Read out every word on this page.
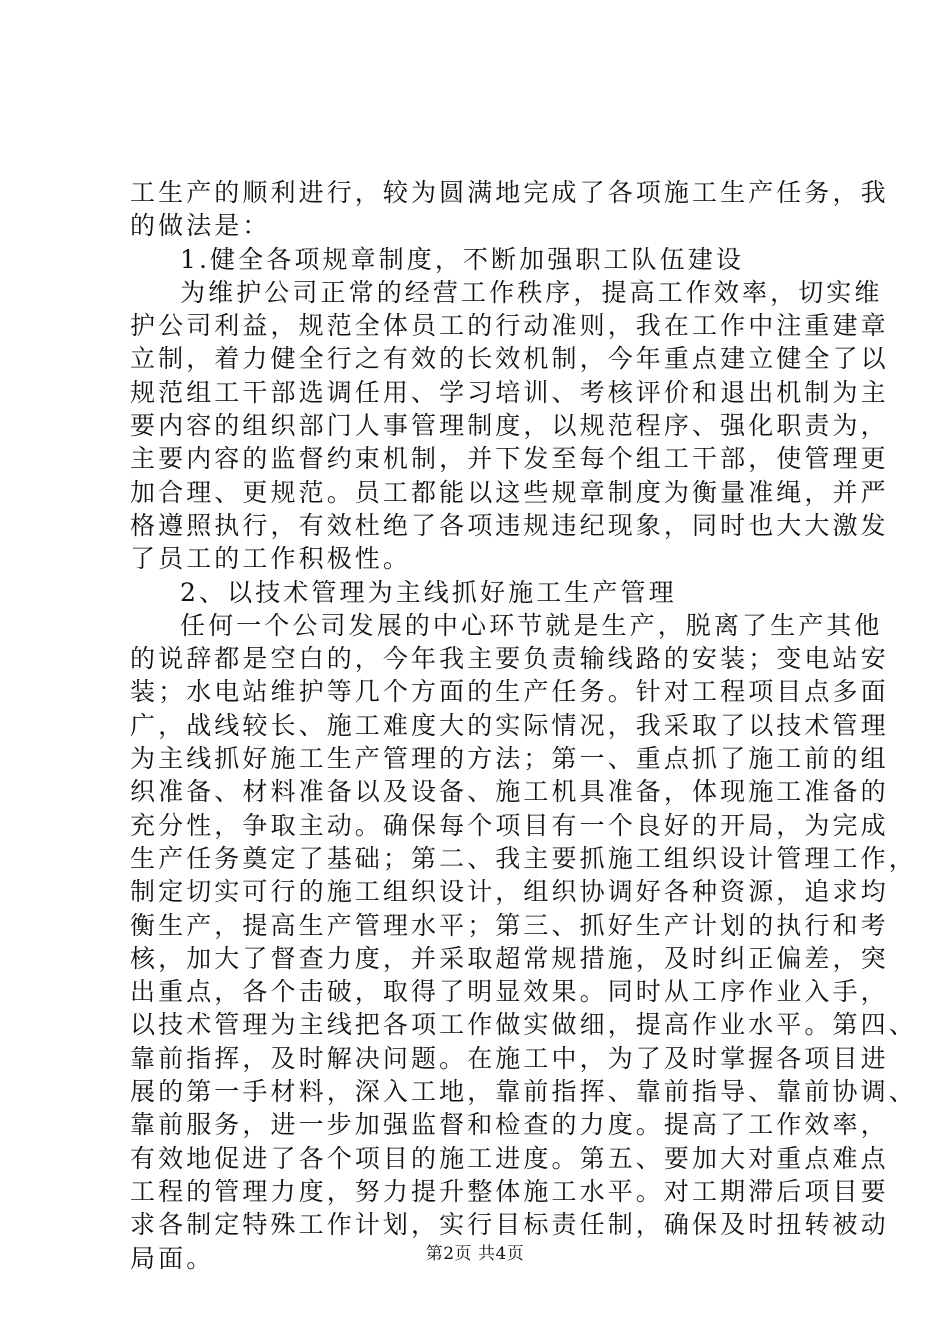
工生产的顺利进行，较为圆满地完成了各项施工生产任务，我
的做法是：
1.健全各项规章制度，不断加强职工队伍建设
为维护公司正常的经营工作秩序，提高工作效率，切实维
护公司利益，规范全体员工的行动准则，我在工作中注重建章
立制，着力健全行之有效的长效机制，今年重点建立健全了以
规范组工干部选调任用、学习培训、考核评价和退出机制为主
要内容的组织部门人事管理制度，以规范程序、强化职责为，
主要内容的监督约束机制，并下发至每个组工干部，使管理更
加合理、更规范。员工都能以这些规章制度为衡量准绳，并严
格遵照执行，有效杜绝了各项违规违纪现象，同时也大大激发
了员工的工作积极性。
2、以技术管理为主线抓好施工生产管理
任何一个公司发展的中心环节就是生产，脱离了生产其他
的说辞都是空白的，今年我主要负责输线路的安装；变电站安
装；水电站维护等几个方面的生产任务。针对工程项目点多面
广，战线较长、施工难度大的实际情况，我采取了以技术管理
为主线抓好施工生产管理的方法；第一、重点抓了施工前的组
织准备、材料准备以及设备、施工机具准备，体现施工准备的
充分性，争取主动。确保每个项目有一个良好的开局，为完成
生产任务奠定了基础；第二、我主要抓施工组织设计管理工作，
制定切实可行的施工组织设计，组织协调好各种资源，追求均
衡生产，提高生产管理水平；第三、抓好生产计划的执行和考
核，加大了督查力度，并采取超常规措施，及时纠正偏差，突
出重点，各个击破，取得了明显效果。同时从工序作业入手，
以技术管理为主线把各项工作做实做细，提高作业水平。第四、
靠前指挥，及时解决问题。在施工中，为了及时掌握各项目进
展的第一手材料，深入工地，靠前指挥、靠前指导、靠前协调、
靠前服务，进一步加强监督和检查的力度。提高了工作效率，
有效地促进了各个项目的施工进度。第五、要加大对重点难点
工程的管理力度，努力提升整体施工水平。对工期滞后项目要
求各制定特殊工作计划，实行目标责任制，确保及时扭转被动
局面。	第2页 共4页
